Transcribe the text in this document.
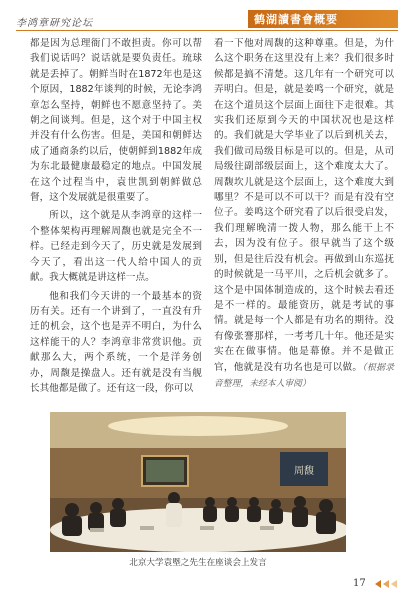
李鸿章研究论坛	鹤湖讀書會概要

都是因为总理衙门不敢担责。你可以帮我们说话吗？说话就是要负责任。琉球就是丢掉了。朝鲜当时在1872年也是这个原因，1882年谈判的时候，无论李鸿章怎么坚持，朝鲜也不愿意坚持了。美朝之间谈判。但是，这个对于中国主权并没有什么伤害。但是，美国和朝鲜达成了通商条约以后，使朝鲜到1882年成为东北最健康最稳定的地点。中国发展在这个过程当中，袁世凯到朝鲜做总督，这个发展就是很重要了。

所以，这个就是从李鸿章的这样一个整体架构再理解周馥也就是完全不一样。已经走到今天了，历史就是发展到今天了，看出这一代人给中国人的贡献。我大概就是讲这样一点。

他和我们今天讲的一个最基本的资历有关。还有一个讲到了，一直没有升迁的机会，这个也是弄不明白，为什么这样能干的人？李鸿章非常赏识他。贡献那么大，两个系统，一个是洋务创办，周馥是操盘人。还有就是没有当舰长其他都是做了。还有这一段，你可以

看一下他对周馥的这种尊重。但是，为什么这个职务在这里没有上来？我们很多时候都是搞不清楚。这几年有一个研究可以弄明白。但是，就是姜鸣一个研究，就是在这个道员这个层面上面往下走很难。其实我们还原到今天的中国状况也是这样的。我们就是大学毕业了以后到机关去，我们做司局级目标是可以的。但是，从司局级往副部级层面上，这个难度太大了。周馥坎儿就是这个层面上，这个难度大到哪里？不是可以不可以干？而是有没有空位子。姜鸣这个研究看了以后很受启发，我们理解晚清一拨人物，那么能干上不去，因为没有位子。很早就当了这个级别，但是往后没有机会。再做到山东巡抚的时候就是一马平川，之后机会就多了。这个是中国体制造成的，这个时候去看还是不一样的。最能资历，就是考试的事情。就是每一个人都是有功名的期待。没有像张謇那样，一考考几十年。他还是实实在在做事情。他是幕僚。并不是做正官，他就是没有功名也是可以做。（根据录音整理，未经本人审阅）

周馥
北京大学袁塈之先生在座谈会上发言
17
